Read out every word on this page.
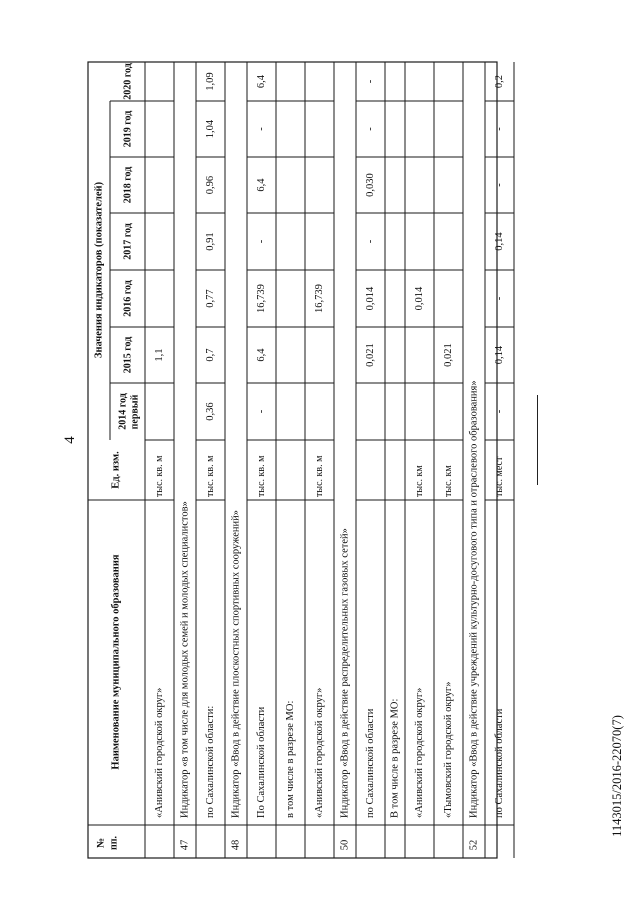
№ пп.
Наименование муниципального образования
Ед. изм.
Значения индикаторов (показателей)
2014 год
2015 год
2016 год
2017 год
2018 год
2019 год
2020 год
первый
«Анивский городской округ»
тыс. кв. м
1,1
47
Индикатор «в том числе для молодых семей и молодых специалистов» по Сахалинской области:
тыс. кв. м
0,36
0,7
0,77
0,91
0,96
1,04
1,09
48
Индикатор «Ввод в действие плоскостных спортивных сооружений» По Сахалинской области
тыс. кв. м
-
6,4
16,739
-
6,4
-
6,4
в том числе в разрезе МО: «Анивский городской округ»
тыс. кв. м
16,739
50
Индикатор «Ввод в действие распределительных газовых сетей» по Сахалинской области
0,021
0,014
-
0,030
-
-
В том числе в разрезе МО: «Анивский городской округ»
тыс. км
0,014
«Тымовский городской округ»
тыс. км
0,021
52
Индикатор «Ввод в действие учреждений культурно-досугового типа и отраслевого образования» по Сахалинской области
тыс. мест
-
0,14
-
0,14
-
-
0,2
4
1143015/2016-22070(7)
